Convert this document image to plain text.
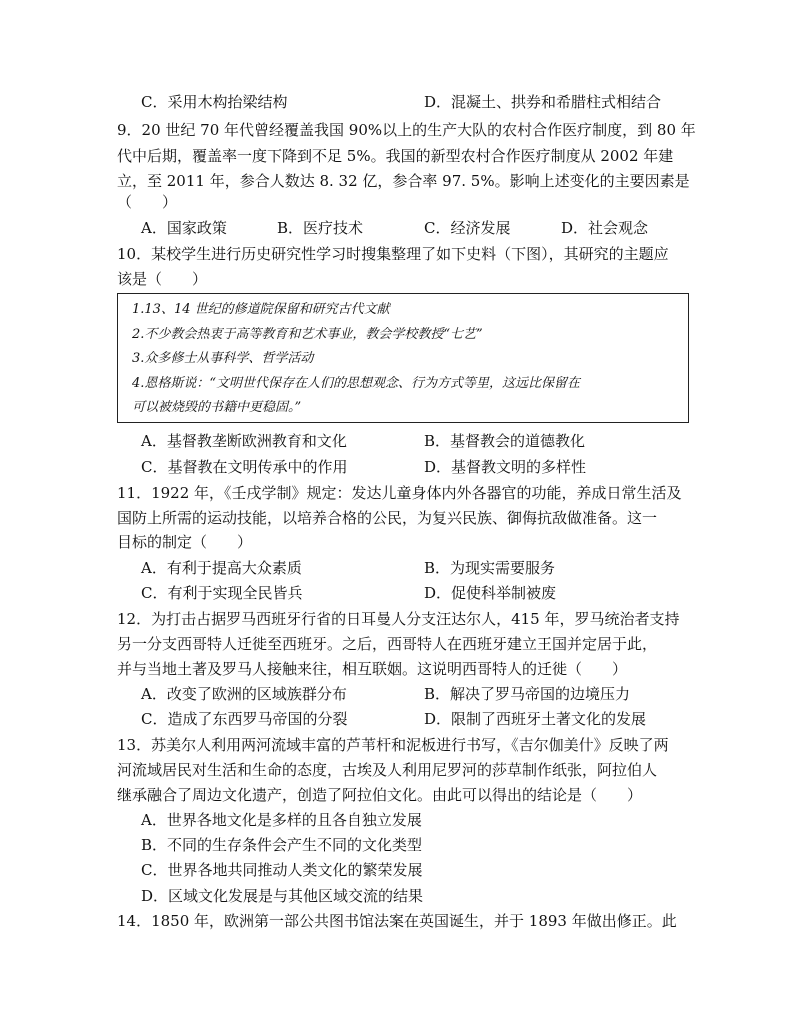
C．采用木构抬梁结构	D．混凝土、拱券和希腊柱式相结合
9．20 世纪 70 年代曾经覆盖我国 90%以上的生产大队的农村合作医疗制度，到 80 年
代中后期，覆盖率一度下降到不足 5%。我国的新型农村合作医疗制度从 2002 年建
立，至 2011 年，参合人数达 8. 32 亿，参合率 97. 5%。影响上述变化的主要因素是
（　　）
A．国家政策	B．医疗技术	C．经济发展	D．社会观念
10．某校学生进行历史研究性学习时搜集整理了如下史料（下图），其研究的主题应
该是（　　）
1.13、14 世纪的修道院保留和研究古代文献
2.不少教会热衷于高等教育和艺术事业，教会学校教授“七艺”
3.众多修士从事科学、哲学活动
4.恩格斯说：“文明世代保存在人们的思想观念、行为方式等里，这远比保留在
可以被烧毁的书籍中更稳固。”
A．基督教垄断欧洲教育和文化	B．基督教会的道德教化
C．基督教在文明传承中的作用	D．基督教文明的多样性
11．1922 年，《壬戌学制》规定：发达儿童身体内外各器官的功能，养成日常生活及
国防上所需的运动技能，以培养合格的公民，为复兴民族、御侮抗敌做准备。这一
目标的制定（　　）
A．有利于提高大众素质	B．为现实需要服务
C．有利于实现全民皆兵	D．促使科举制被废
12．为打击占据罗马西班牙行省的日耳曼人分支汪达尔人，415 年，罗马统治者支持
另一分支西哥特人迁徙至西班牙。之后，西哥特人在西班牙建立王国并定居于此，
并与当地土著及罗马人接触来往，相互联姻。这说明西哥特人的迁徙（　　）
A．改变了欧洲的区域族群分布	B．解决了罗马帝国的边境压力
C．造成了东西罗马帝国的分裂	D．限制了西班牙土著文化的发展
13．苏美尔人利用两河流域丰富的芦苇杆和泥板进行书写，《吉尔伽美什》反映了两
河流域居民对生活和生命的态度，古埃及人利用尼罗河的莎草制作纸张，阿拉伯人
继承融合了周边文化遗产，创造了阿拉伯文化。由此可以得出的结论是（　　）
A．世界各地文化是多样的且各自独立发展
B．不同的生存条件会产生不同的文化类型
C．世界各地共同推动人类文化的繁荣发展
D．区域文化发展是与其他区域交流的结果
14．1850 年，欧洲第一部公共图书馆法案在英国诞生，并于 1893 年做出修正。此
